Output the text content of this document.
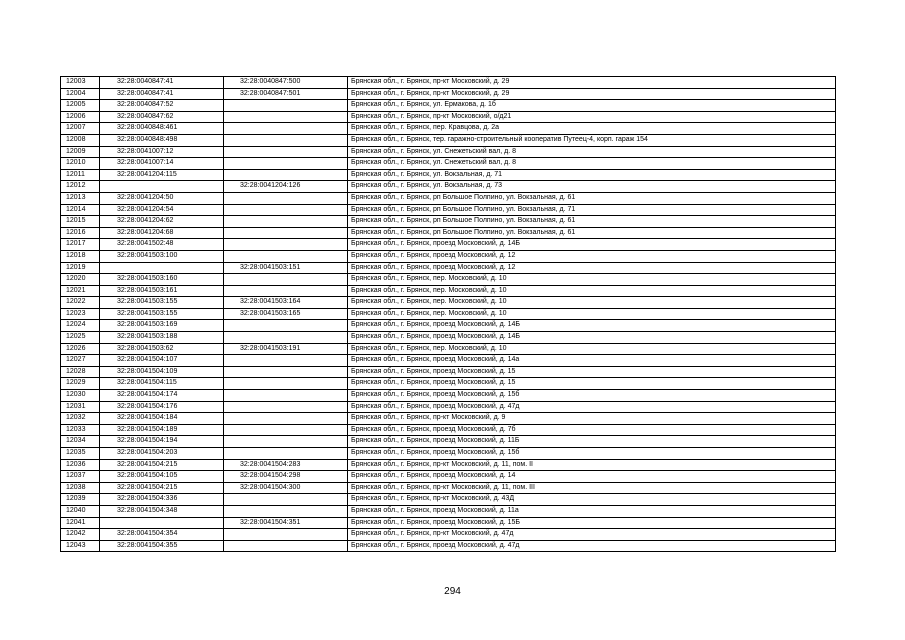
12003	32:28:0040847:41	32:28:0040847:500	Брянская обл., г. Брянск, пр-кт Московский, д. 29
12004	32:28:0040847:41	32:28:0040847:501	Брянская обл., г. Брянск, пр-кт Московский, д. 29
12005	32:28:0040847:52		Брянская обл., г. Брянск, ул. Ермакова, д. 1б
12006	32:28:0040847:62		Брянская обл., г. Брянск, пр-кт Московский, о/д21
12007	32:28:0040848:461		Брянская обл., г. Брянск, пер. Кравцова, д. 2а
12008	32:28:0040848:498		Брянская обл., г. Брянск, тер. гаражно-строительный кооператив Путеец-4, корп. гараж 154
12009	32:28:0041007:12		Брянская обл., г. Брянск, ул. Снежетьский вал, д. 8
12010	32:28:0041007:14		Брянская обл., г. Брянск, ул. Снежетьский вал, д. 8
12011	32:28:0041204:115		Брянская обл., г. Брянск, ул. Вокзальная, д. 71
12012		32:28:0041204:126	Брянская обл., г. Брянск, ул. Вокзальная, д. 73
12013	32:28:0041204:50		Брянская обл., г. Брянск, рп Большое Полпино, ул. Вокзальная, д. 61
12014	32:28:0041204:54		Брянская обл., г. Брянск, рп Большое Полпино, ул. Вокзальная, д. 71
12015	32:28:0041204:62		Брянская обл., г. Брянск, рп Большое Полпино, ул. Вокзальная, д. 61
12016	32:28:0041204:68		Брянская обл., г. Брянск, рп Большое Полпино, ул. Вокзальная, д. 61
12017	32:28:0041502:48		Брянская обл., г. Брянск, проезд Московский, д. 14Б
12018	32:28:0041503:100		Брянская обл., г. Брянск, проезд Московский, д. 12
12019		32:28:0041503:151	Брянская обл., г. Брянск, проезд Московский, д. 12
12020	32:28:0041503:160		Брянская обл., г. Брянск, пер. Московский, д. 10
12021	32:28:0041503:161		Брянская обл., г. Брянск, пер. Московский, д. 10
12022	32:28:0041503:155	32:28:0041503:164	Брянская обл., г. Брянск, пер. Московский, д. 10
12023	32:28:0041503:155	32:28:0041503:165	Брянская обл., г. Брянск, пер. Московский, д. 10
12024	32:28:0041503:169		Брянская обл., г. Брянск, проезд Московский, д. 14Б
12025	32:28:0041503:188		Брянская обл., г. Брянск, проезд Московский, д. 14Б
12026	32:28:0041503:62	32:28:0041503:191	Брянская обл., г. Брянск, пер. Московский, д. 10
12027	32:28:0041504:107		Брянская обл., г. Брянск, проезд Московский, д. 14а
12028	32:28:0041504:109		Брянская обл., г. Брянск, проезд Московский, д. 15
12029	32:28:0041504:115		Брянская обл., г. Брянск, проезд Московский, д. 15
12030	32:28:0041504:174		Брянская обл., г. Брянск, проезд Московский, д. 15б
12031	32:28:0041504:176		Брянская обл., г. Брянск, проезд Московский, д. 47д
12032	32:28:0041504:184		Брянская обл., г. Брянск, пр-кт Московский, д. 9
12033	32:28:0041504:189		Брянская обл., г. Брянск, проезд Московский, д. 7б
12034	32:28:0041504:194		Брянская обл., г. Брянск, проезд Московский, д. 11Б
12035	32:28:0041504:203		Брянская обл., г. Брянск, проезд Московский, д. 15б
12036	32:28:0041504:215	32:28:0041504:283	Брянская обл., г. Брянск, пр-кт Московский, д. 11, пом. II
12037	32:28:0041504:105	32:28:0041504:298	Брянская обл., г. Брянск, проезд Московский, д. 14
12038	32:28:0041504:215	32:28:0041504:300	Брянская обл., г. Брянск, пр-кт Московский, д. 11, пом. III
12039	32:28:0041504:336		Брянская обл., г. Брянск, пр-кт Московский, д. 43Д
12040	32:28:0041504:348		Брянская обл., г. Брянск, проезд Московский, д. 11а
12041		32:28:0041504:351	Брянская обл., г. Брянск, проезд Московский, д. 15Б
12042	32:28:0041504:354		Брянская обл., г. Брянск, пр-кт Московский, д. 47д
12043	32:28:0041504:355		Брянская обл., г. Брянск, проезд Московский, д. 47д
294
